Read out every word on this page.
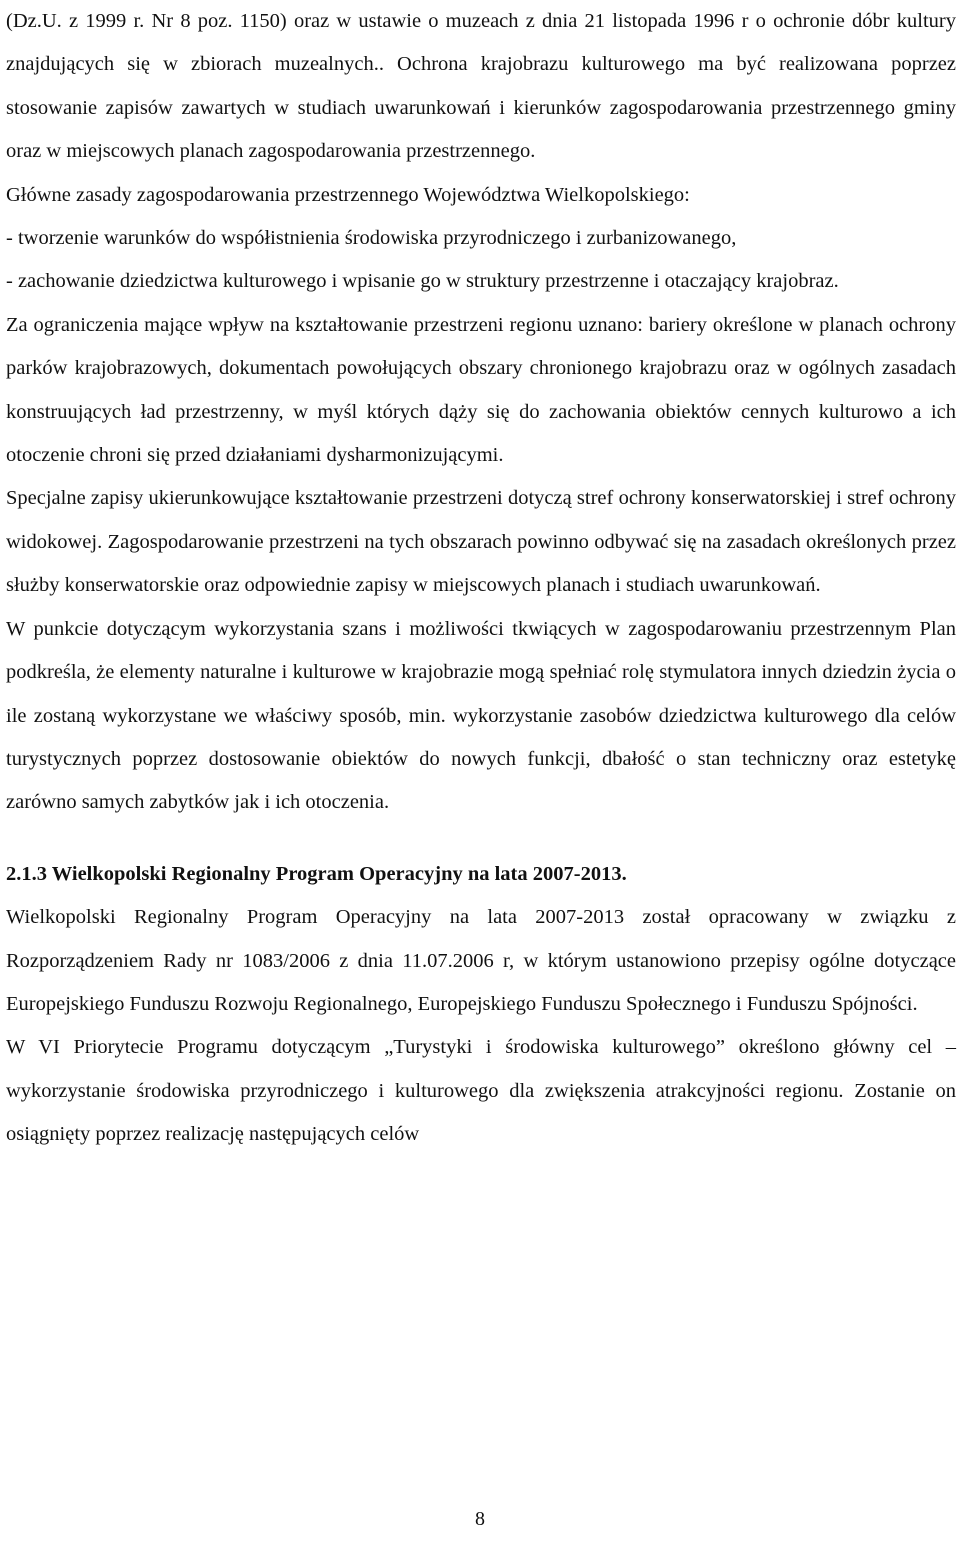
(Dz.U. z 1999 r. Nr 8 poz. 1150) oraz w ustawie o muzeach z dnia 21 listopada 1996 r o ochronie dóbr kultury znajdujących się w zbiorach muzealnych.. Ochrona krajobrazu kulturowego ma być realizowana poprzez stosowanie zapisów zawartych w studiach uwarunkowań i kierunków zagospodarowania przestrzennego gminy oraz w miejscowych planach zagospodarowania przestrzennego.

Główne zasady zagospodarowania przestrzennego Województwa Wielkopolskiego:

- tworzenie warunków do współistnienia środowiska przyrodniczego i zurbanizowanego,

- zachowanie dziedzictwa kulturowego i wpisanie go w struktury przestrzenne i otaczający krajobraz.

Za ograniczenia mające wpływ na kształtowanie przestrzeni regionu uznano: bariery określone w planach ochrony parków krajobrazowych, dokumentach powołujących obszary chronionego krajobrazu oraz w ogólnych zasadach konstruujących ład przestrzenny, w myśl których dąży się do zachowania obiektów cennych kulturowo a ich otoczenie chroni się przed działaniami dysharmonizującymi.

Specjalne zapisy ukierunkowujące kształtowanie przestrzeni dotyczą stref ochrony konserwatorskiej i stref ochrony widokowej. Zagospodarowanie przestrzeni na tych obszarach powinno odbywać się na zasadach określonych przez służby konserwatorskie oraz odpowiednie zapisy w miejscowych planach i studiach uwarunkowań.

W punkcie dotyczącym wykorzystania szans i możliwości tkwiących w zagospodarowaniu przestrzennym Plan podkreśla, że elementy naturalne i kulturowe w krajobrazie mogą spełniać rolę stymulatora innych dziedzin życia o ile zostaną wykorzystane we właściwy sposób, min. wykorzystanie zasobów dziedzictwa kulturowego dla celów turystycznych poprzez dostosowanie obiektów do nowych funkcji, dbałość o stan techniczny oraz estetykę zarówno samych zabytków jak i ich otoczenia.

2.1.3 Wielkopolski Regionalny Program Operacyjny na lata 2007-2013.

Wielkopolski Regionalny Program Operacyjny na lata 2007-2013 został opracowany w związku z Rozporządzeniem Rady nr 1083/2006 z dnia 11.07.2006 r, w którym ustanowiono przepisy ogólne dotyczące Europejskiego Funduszu Rozwoju Regionalnego, Europejskiego Funduszu Społecznego i Funduszu Spójności.

W VI Priorytecie Programu dotyczącym „Turystyki i środowiska kulturowego” określono główny cel – wykorzystanie środowiska przyrodniczego i kulturowego dla zwiększenia atrakcyjności regionu. Zostanie on osiągnięty poprzez realizację następujących celów

8
